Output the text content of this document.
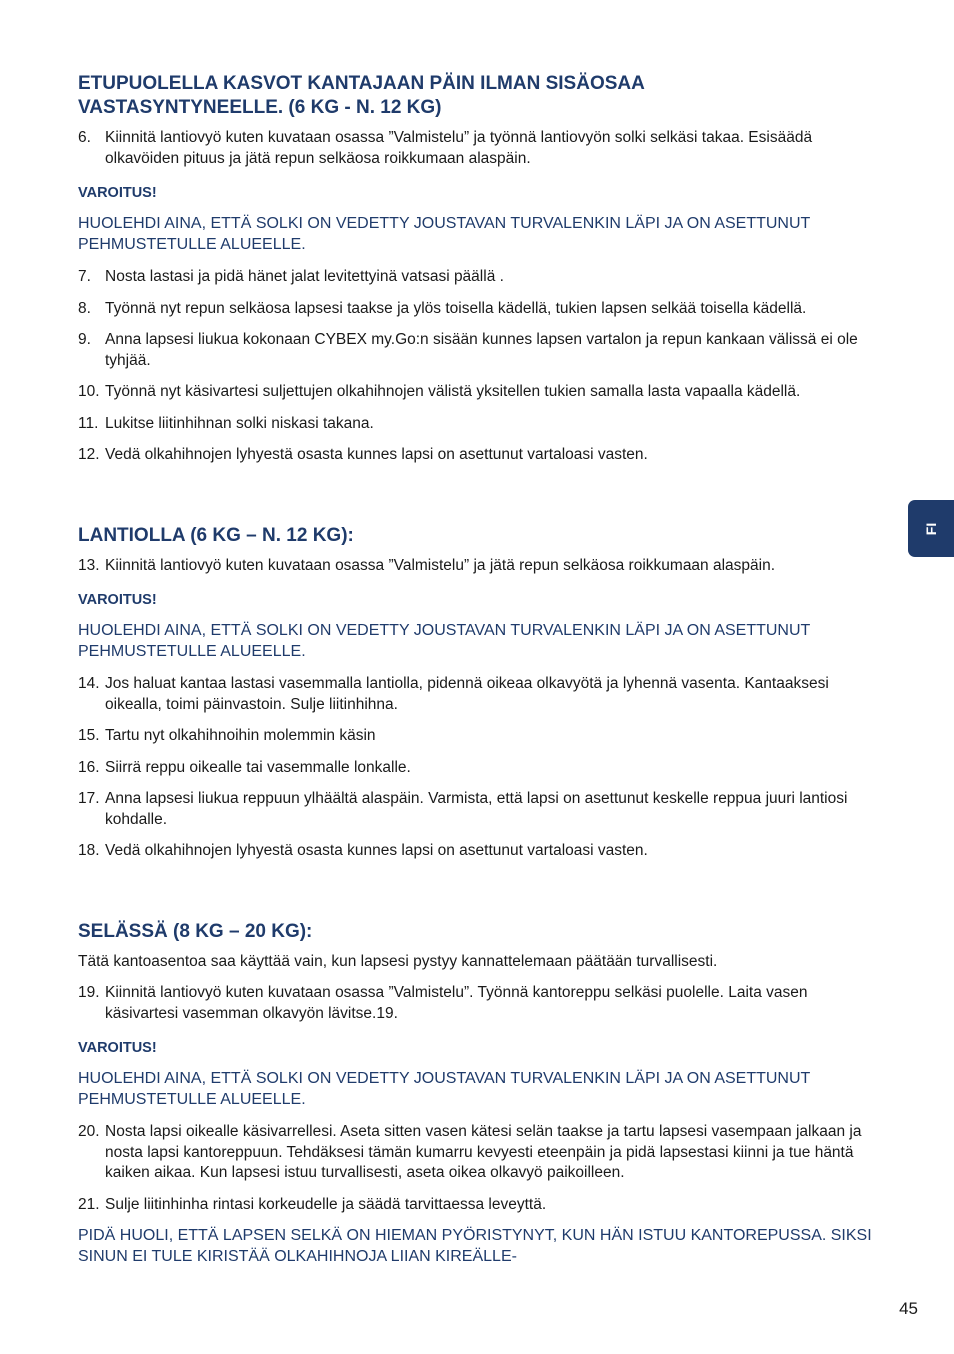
ETUPUOLELLA KASVOT KANTAJAAN PÄIN ILMAN SISÄOSAA
VASTASYNTYNEELLE. (6 KG - N. 12 KG)
6. Kiinnitä lantiovyö kuten kuvataan osassa ”Valmistelu” ja työnnä lantiovyön solki selkäsi takaa. Esisäädä olkavöiden pituus ja jätä repun selkäosa roikkumaan alaspäin.
VAROITUS!
HUOLEHDI AINA, ETTÄ SOLKI ON VEDETTY JOUSTAVAN TURVALENKIN LÄPI JA ON ASETTUNUT PEHMUSTETULLE ALUEELLE.
7. Nosta lastasi ja pidä hänet jalat levitettyinä vatsasi päällä .
8. Työnnä nyt repun selkäosa lapsesi taakse ja ylös toisella kädellä, tukien lapsen selkää toisella kädellä.
9. Anna lapsesi liukua kokonaan CYBEX my.Go:n sisään kunnes lapsen vartalon ja repun kankaan välissä ei ole tyhjää.
10. Työnnä nyt käsivartesi suljettujen olkahihnojen välistä yksitellen tukien samalla lasta vapaalla kädellä.
11. Lukitse liitinhihnan solki niskasi takana.
12. Vedä olkahihnojen lyhyestä osasta kunnes lapsi on asettunut vartaloasi vasten.
LANTIOLLA (6 KG – N. 12 KG):
13. Kiinnitä lantiovyö kuten kuvataan osassa ”Valmistelu” ja jätä repun selkäosa roikkumaan alaspäin.
VAROITUS!
HUOLEHDI AINA, ETTÄ SOLKI ON VEDETTY JOUSTAVAN TURVALENKIN LÄPI JA ON ASETTUNUT PEHMUSTETULLE ALUEELLE.
14. Jos haluat kantaa lastasi vasemmalla lantiolla, pidennä oikeaa olkavyötä ja lyhennä vasenta. Kantaaksesi oikealla, toimi päinvastoin. Sulje liitinhihna.
15. Tartu nyt olkahihnoihin molemmin käsin
16. Siirrä reppu oikealle tai vasemmalle lonkalle.
17. Anna lapsesi liukua reppuun ylhäältä alaspäin. Varmista, että lapsi on asettunut keskelle reppua juuri lantiosi kohdalle.
18. Vedä olkahihnojen lyhyestä osasta kunnes lapsi on asettunut vartaloasi vasten.
SELÄSSÄ (8 KG – 20 KG):

Tätä kantoasentoa saa käyttää vain, kun lapsesi pystyy kannattelemaan päätään turvallisesti.

19. Kiinnitä lantiovyö kuten kuvataan osassa ”Valmistelu”. Työnnä kantoreppu selkäsi puolelle. Laita vasen käsivartesi vasemman olkavyön lävitse.19.
VAROITUS!
HUOLEHDI AINA, ETTÄ SOLKI ON VEDETTY JOUSTAVAN TURVALENKIN LÄPI JA ON ASETTUNUT PEHMUSTETULLE ALUEELLE.
20. Nosta lapsi oikealle käsivarrellesi. Aseta sitten vasen kätesi selän taakse ja tartu lapsesi vasempaan jalkaan ja nosta lapsi kantoreppuun. Tehdäksesi tämän kumarru kevyesti eteenpäin ja pidä lapsestasi kiinni ja tue häntä kaiken aikaa. Kun lapsesi istuu turvallisesti, aseta oikea olkavyö paikoilleen.
21. Sulje liitinhinha rintasi korkeudelle ja säädä tarvittaessa leveyttä.
PIDÄ HUOLI, ETTÄ LAPSEN SELKÄ ON HIEMAN PYÖRISTYNYT, KUN HÄN ISTUU KANTOREPUSSA. SIKSI SINUN EI TULE KIRISTÄÄ OLKAHIHNOJA LIIAN KIREÄLLE-
FI
45
